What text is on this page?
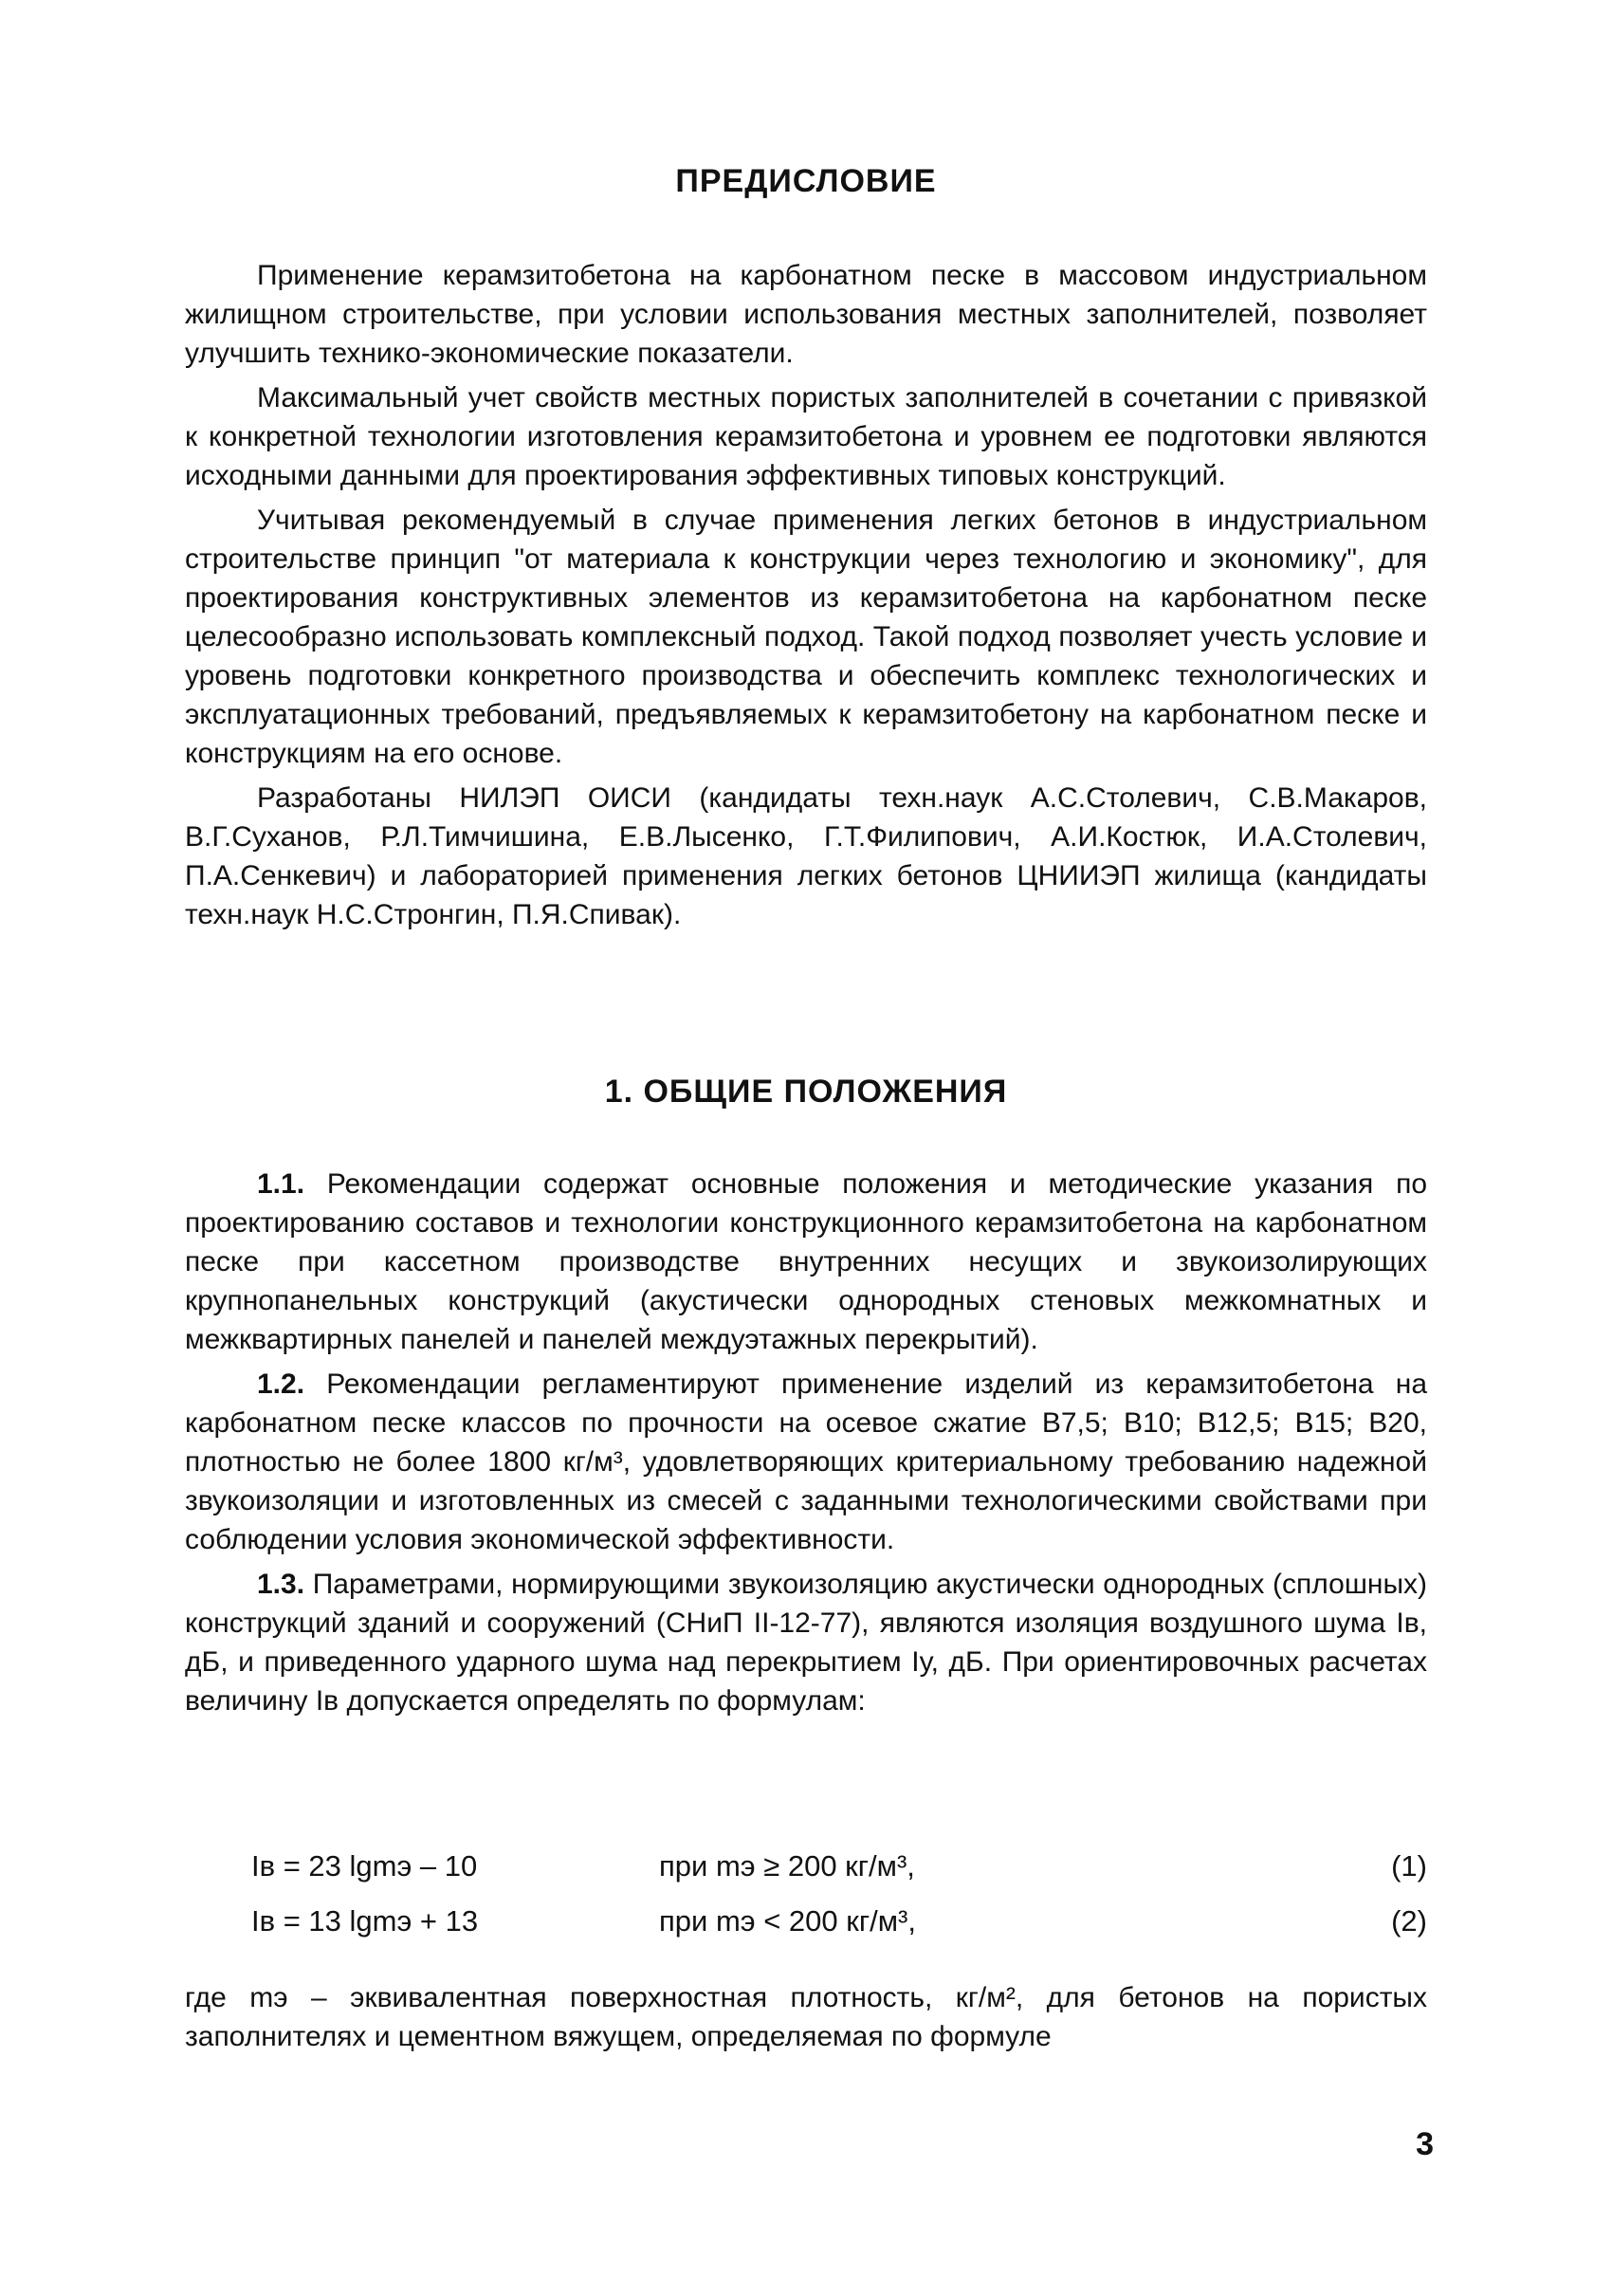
ПРЕДИСЛОВИЕ

Применение керамзитобетона на карбонатном песке в массовом индустриальном жилищном строительстве, при условии использования местных заполнителей, позволяет улучшить технико-экономические показатели.

Максимальный учет свойств местных пористых заполнителей в сочетании с привязкой к конкретной технологии изготовления керамзитобетона и уровнем ее подготовки являются исходными данными для проектирования эффективных типовых конструкций.

Учитывая рекомендуемый в случае применения легких бетонов в индустриальном строительстве принцип "от материала к конструкции через технологию и экономику", для проектирования конструктивных элементов из керамзитобетона на карбонатном песке целесообразно использовать комплексный подход. Такой подход позволяет учесть условие и уровень подготовки конкретного производства и обеспечить комплекс технологических и эксплуатационных требований, предъявляемых к керамзитобетону на карбонатном песке и конструкциям на его основе.

Разработаны НИЛЭП ОИСИ (кандидаты техн.наук А.С.Столевич, С.В.Макаров, В.Г.Суханов, Р.Л.Тимчишина, Е.В.Лысенко, Г.Т.Филипович, А.И.Костюк, И.А.Столевич, П.А.Сенкевич) и лабораторией применения легких бетонов ЦНИИЭП жилища (кандидаты техн.наук Н.С.Стронгин, П.Я.Спивак).

1. ОБЩИЕ ПОЛОЖЕНИЯ

1.1. Рекомендации содержат основные положения и методические указания по проектированию составов и технологии конструкционного керамзитобетона на карбонатном песке при кассетном производстве внутренних несущих и звукоизолирующих крупнопанельных конструкций (акустически однородных стеновых межкомнатных и межквартирных панелей и панелей междуэтажных перекрытий).

1.2. Рекомендации регламентируют применение изделий из керамзитобетона на карбонатном песке классов по прочности на осевое сжатие В7,5; В10; В12,5; В15; В20, плотностью не более 1800 кг/м³, удовлетворяющих критериальному требованию надежной звукоизоляции и изготовленных из смесей с заданными технологическими свойствами при соблюдении условия экономической эффективности.

1.3. Параметрами, нормирующими звукоизоляцию акустически однородных (сплошных) конструкций зданий и сооружений (СНиП II-12-77), являются изоляция воздушного шума Iв, дБ, и приведенного ударного шума над перекрытием Iу, дБ. При ориентировочных расчетах величину Iв допускается определять по формулам:

Iв = 23 lgmэ – 10	при mэ ≥ 200 кг/м³,	(1)
Iв = 13 lgmэ + 13	при mэ < 200 кг/м³,	(2)

где mэ – эквивалентная поверхностная плотность, кг/м², для бетонов на пористых заполнителях и цементном вяжущем, определяемая по формуле

3
